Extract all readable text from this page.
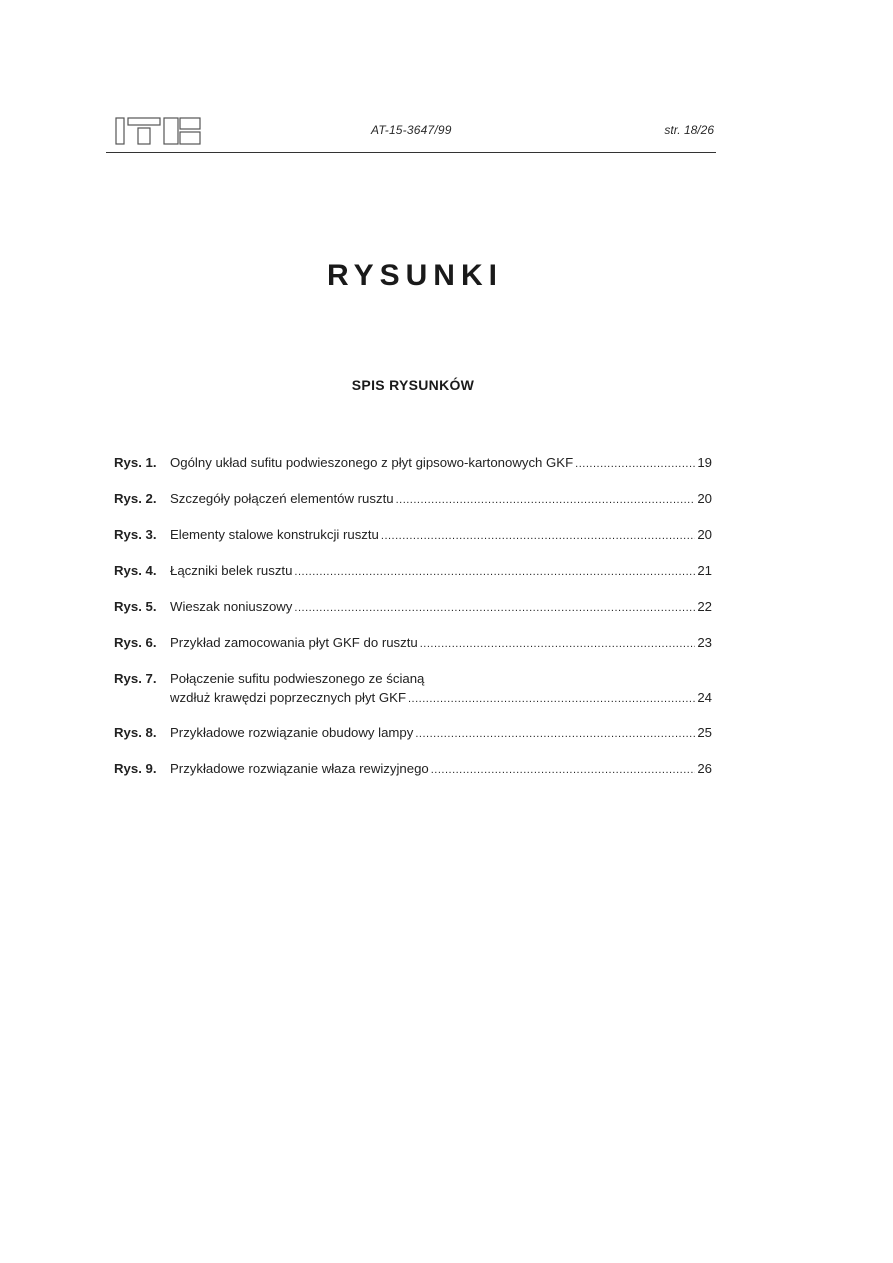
AT-15-3647/99	str. 18/26
RYSUNKI
SPIS RYSUNKÓW
Rys. 1. Ogólny układ sufitu podwieszonego z płyt gipsowo-kartonowych GKF .....	19
Rys. 2. Szczegóły połączeń elementów rusztu .....	20
Rys. 3. Elementy stalowe konstrukcji rusztu .....	20
Rys. 4. Łączniki belek rusztu .....	21
Rys. 5. Wieszak noniuszowy .....	22
Rys. 6. Przykład zamocowania płyt GKF do rusztu .....	23
Rys. 7. Połączenie sufitu podwieszonego ze ścianą
wzdłuż krawędzi poprzecznych płyt GKF .....	24
Rys. 8. Przykładowe rozwiązanie obudowy lampy .....	25
Rys. 9. Przykładowe rozwiązanie właza rewizyjnego .....	26
